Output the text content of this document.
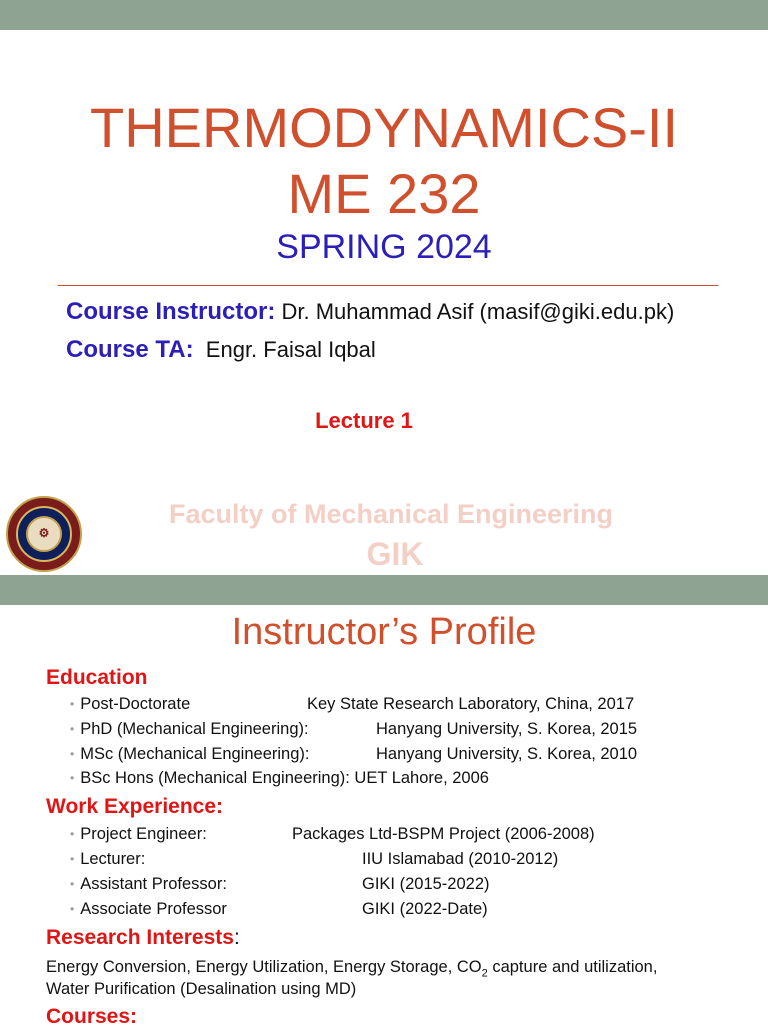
THERMODYNAMICS-II
ME 232
SPRING 2024
Course Instructor: Dr. Muhammad Asif (masif@giki.edu.pk)
Course TA: Engr. Faisal Iqbal
Lecture 1
⚙
Faculty of Mechanical Engineering
GIK
Instructor’s Profile
Education
• Post-Doctorate	Key State Research Laboratory, China, 2017
• PhD (Mechanical Engineering):	Hanyang University, S. Korea, 2015
• MSc (Mechanical Engineering):	Hanyang University, S. Korea, 2010
• BSc Hons (Mechanical Engineering): UET Lahore, 2006
Work Experience:
• Project Engineer:	Packages Ltd-BSPM Project (2006-2008)
• Lecturer:	IIU Islamabad (2010-2012)
• Assistant Professor:	GIKI (2015-2022)
• Associate Professor	GIKI (2022-Date)
Research Interests:
Energy Conversion, Energy Utilization, Energy Storage, $CO_2$ capture and utilization,
Water Purification (Desalination using MD)
Courses:
